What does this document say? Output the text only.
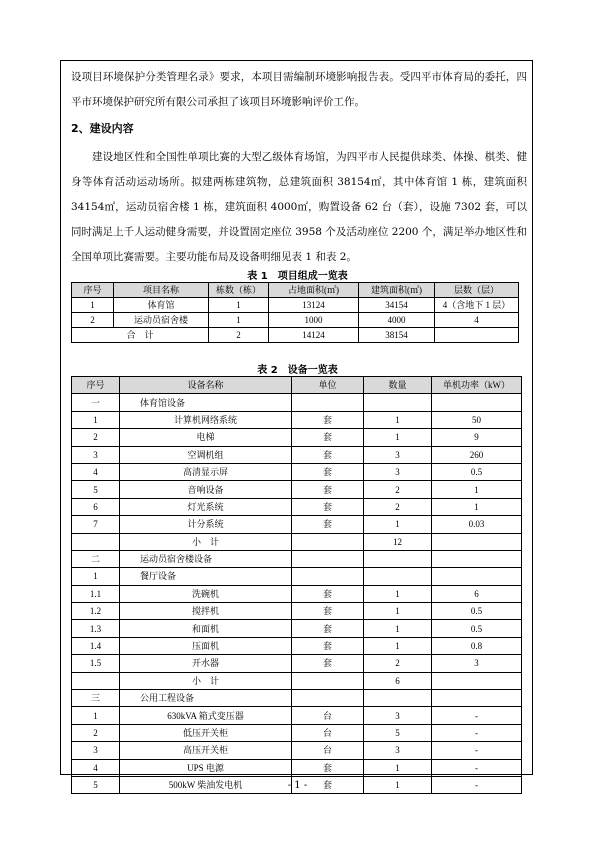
设项目环境保护分类管理名录》要求，本项目需编制环境影响报告表。受四平市体育局的委托，四平市环境保护研究所有限公司承担了该项目环境影响评价工作。

2、建设内容

建设地区性和全国性单项比赛的大型乙级体育场馆，为四平市人民提供球类、体操、棋类、健身等体育活动运动场所。拟建两栋建筑物，总建筑面积 38154㎡，其中体育馆 1 栋，建筑面积 34154㎡，运动员宿舍楼 1 栋，建筑面积 4000㎡，购置设备 62 台（套），设施 7302 套，可以同时满足上千人运动健身需要，并设置固定座位 3958 个及活动座位 2200 个，满足举办地区性和全国单项比赛需要。主要功能布局及设备明细见表 1 和表 2。

表 1　项目组成一览表

序号	项目名称	栋数（栋）	占地面积(㎡)	建筑面积(㎡)	层数（层）
1	体育馆	1	13124	34154	4（含地下 1 层）
2	运动员宿舍楼	1	1000	4000	4
合　计		2	14124	38154	

表 2　设备一览表

序号	设备名称	单位	数量	单机功率（kW）
一	体育馆设备			
1	计算机网络系统	套	1	50
2	电梯	套	1	9
3	空调机组	套	3	260
4	高清显示屏	套	3	0.5
5	音响设备	套	2	1
6	灯光系统	套	2	1
7	计分系统	套	1	0.03
	小　计		12	
二	运动员宿舍楼设备			
1	餐厅设备			
1.1	洗碗机	套	1	6
1.2	搅拌机	套	1	0.5
1.3	和面机	套	1	0.5
1.4	压面机	套	1	0.8
1.5	开水器	套	2	3
	小　计		6	
三	公用工程设备			
1	630kVA 箱式变压器	台	3	-
2	低压开关柜	台	5	-
3	高压开关柜	台	3	-
4	UPS 电源	套	1	-
5	500kW 柴油发电机	套	1	-

- 1 -
